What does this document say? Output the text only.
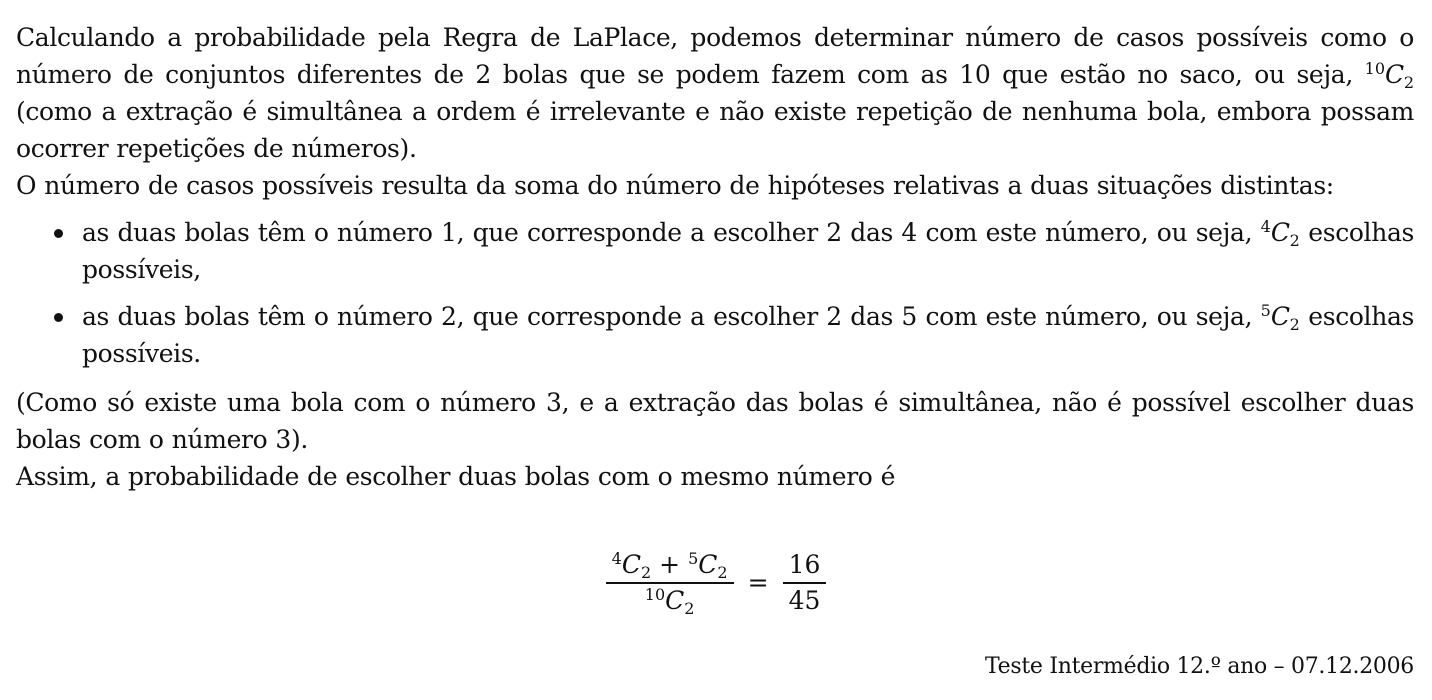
Calculando a probabilidade pela Regra de LaPlace, podemos determinar número de casos possíveis como o número de conjuntos diferentes de 2 bolas que se podem fazem com as 10 que estão no saco, ou seja, $^{10}C_2$ (como a extração é simultânea a ordem é irrelevante e não existe repetição de nenhuma bola, embora possam ocorrer repetições de números).

O número de casos possíveis resulta da soma do número de hipóteses relativas a duas situações distintas:

as duas bolas têm o número 1, que corresponde a escolher 2 das 4 com este número, ou seja, $^4C_2$ escolhas possíveis,
as duas bolas têm o número 2, que corresponde a escolher 2 das 5 com este número, ou seja, $^5C_2$ escolhas possíveis.

(Como só existe uma bola com o número 3, e a extração das bolas é simultânea, não é possível escolher duas bolas com o número 3).

Assim, a probabilidade de escolher duas bolas com o mesmo número é

$\frac{^4C_2 + ^5C_2}{^{10}C_2} = \frac{16}{45}$
Teste Intermédio 12.º ano – 07.12.2006
